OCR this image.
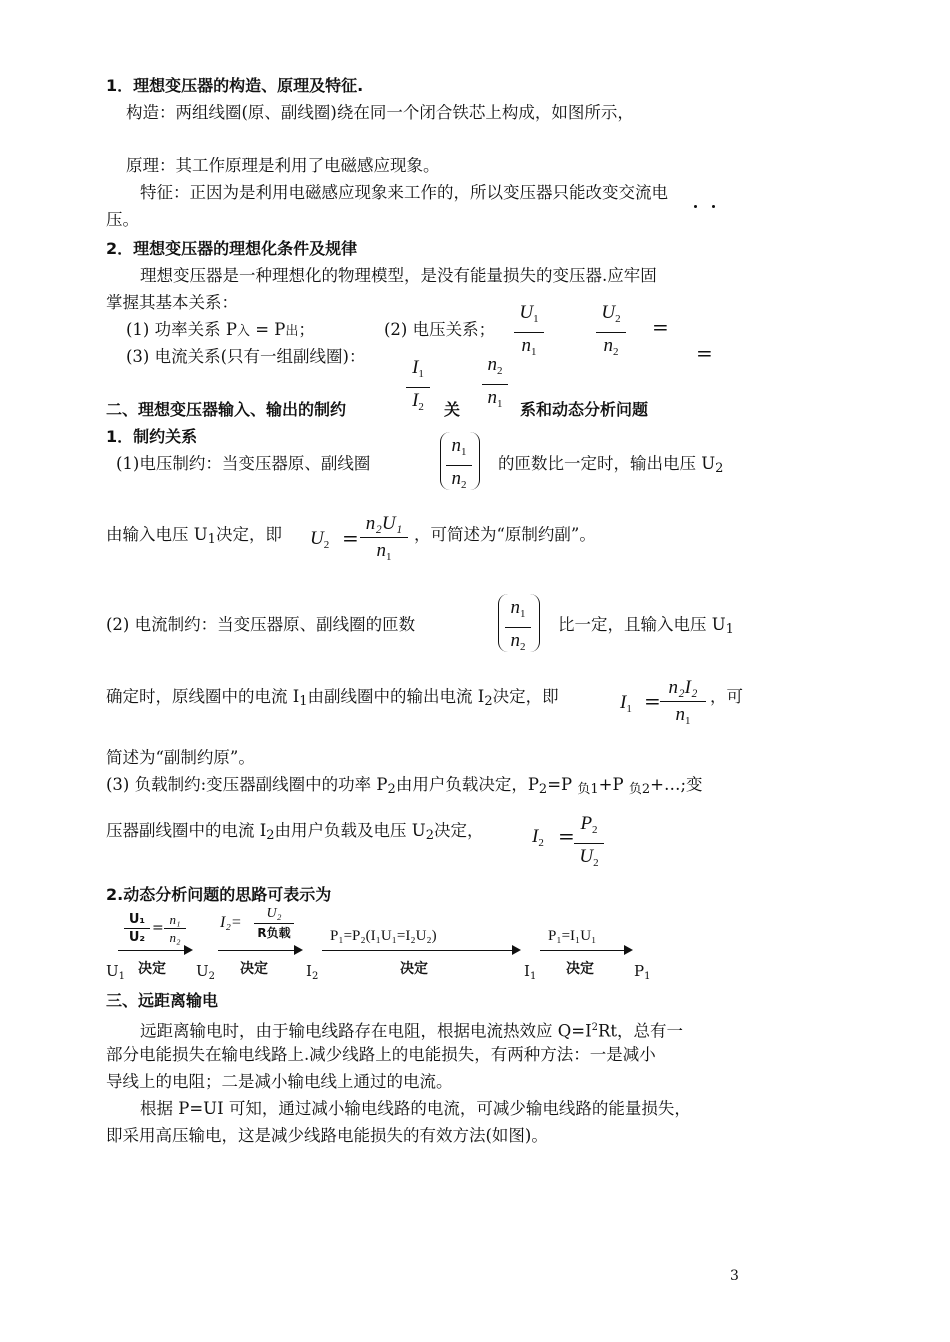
1．理想变压器的构造、原理及特征.
构造：两组线圈(原、副线圈)绕在同一个闭合铁芯上构成，如图所示，
原理：其工作原理是利用了电磁感应现象。
特征：正因为是利用电磁感应现象来工作的，所以变压器只能改变交流电
压。
2．理想变压器的理想化条件及规律
理想变压器是一种理想化的物理模型，是没有能量损失的变压器.应牢固
掌握其基本关系：
(1) 功率关系 P入 = P出；	(2) 电压关系；
$U_1$
$n_1$
$U_2$
$n_2$
=
(3) 电流关系(只有一组副线圈)：
$I_1$
$I_2$
$n_2$
$n_1$
=
二、理想变压器输入、输出的制约	关	系和动态分析问题
1．制约关系
(1)电压制约：当变压器原、副线圈
$n_1$
$n_2$
的匝数比一定时，输出电压 U2
由输入电压 U1决定，即 $U_2$ =
n₂U₁
$n_1$
，可简述为“原制约副”。
(2) 电流制约：当变压器原、副线圈的匝数
$n_1$
$n_2$
比一定，且输入电压 U1
确定时，原线圈中的电流 I1由副线圈中的输出电流 I2决定，即	$I_1$ =
n₂I₂
$n_1$
，可
简述为“副制约原”。
(3) 负载制约:变压器副线圈中的功率 P2由用户负载决定，P2=P 负1+P 负2+…;变
压器副线圈中的电流 I2由用户负载及电压 U2决定，	$I_2$ =
$P_2$
$U_2$
2.动态分析问题的思路可表示为
U₁
U₂
=
n₁
n₂
决定
I₂=
U₂
R负载
决定
P₁=P₂(I₁U₁=I₂U₂)
决定
P₁=I₁U₁
决定
$U_1$	$U_2$	$I_2$	$I_1$	$P_1$
三、远距离输电
远距离输电时，由于输电线路存在电阻，根据电流热效应 $Q=I^2Rt$，总有一
部分电能损失在输电线路上.减少线路上的电能损失，有两种方法：一是减小
导线上的电阻；二是减小输电线上通过的电流。
根据 P=UI 可知，通过减小输电线路的电流，可减少输电线路的能量损失，
即采用高压输电，这是减少线路电能损失的有效方法(如图)。
3
